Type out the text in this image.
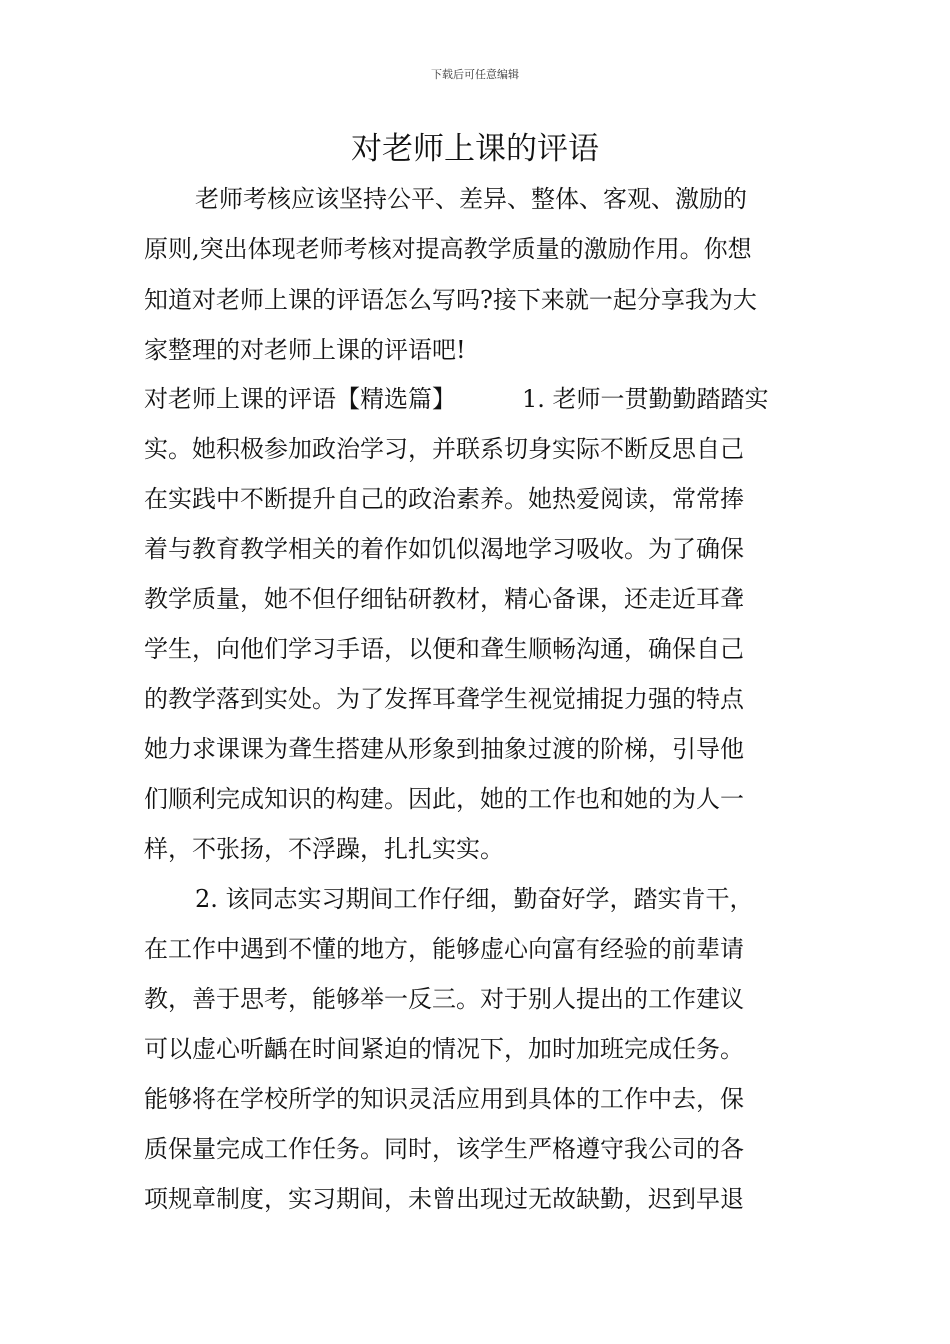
下载后可任意编辑
对老师上课的评语
老师考核应该坚持公平、差异、整体、客观、激励的
原则,突出体现老师考核对提高教学质量的激励作用。你想
知道对老师上课的评语怎么写吗?接下来就一起分享我为大
家整理的对老师上课的评语吧!
对老师上课的评语【精选篇】	1. 老师一贯勤勤踏踏实
实。她积极参加政治学习，并联系切身实际不断反思自己
在实践中不断提升自己的政治素养。她热爱阅读，常常捧
着与教育教学相关的着作如饥似渴地学习吸收。为了确保
教学质量，她不但仔细钻研教材，精心备课，还走近耳聋
学生，向他们学习手语，以便和聋生顺畅沟通，确保自己
的教学落到实处。为了发挥耳聋学生视觉捕捉力强的特点
她力求课课为聋生搭建从形象到抽象过渡的阶梯，引导他
们顺利完成知识的构建。因此，她的工作也和她的为人一
样，不张扬，不浮躁，扎扎实实。
2. 该同志实习期间工作仔细，勤奋好学，踏实肯干，
在工作中遇到不懂的地方，能够虚心向富有经验的前辈请
教，善于思考，能够举一反三。对于别人提出的工作建议
可以虚心听齲在时间紧迫的情况下，加时加班完成任务。
能够将在学校所学的知识灵活应用到具体的工作中去，保
质保量完成工作任务。同时，该学生严格遵守我公司的各
项规章制度，实习期间，未曾出现过无故缺勤，迟到早退
